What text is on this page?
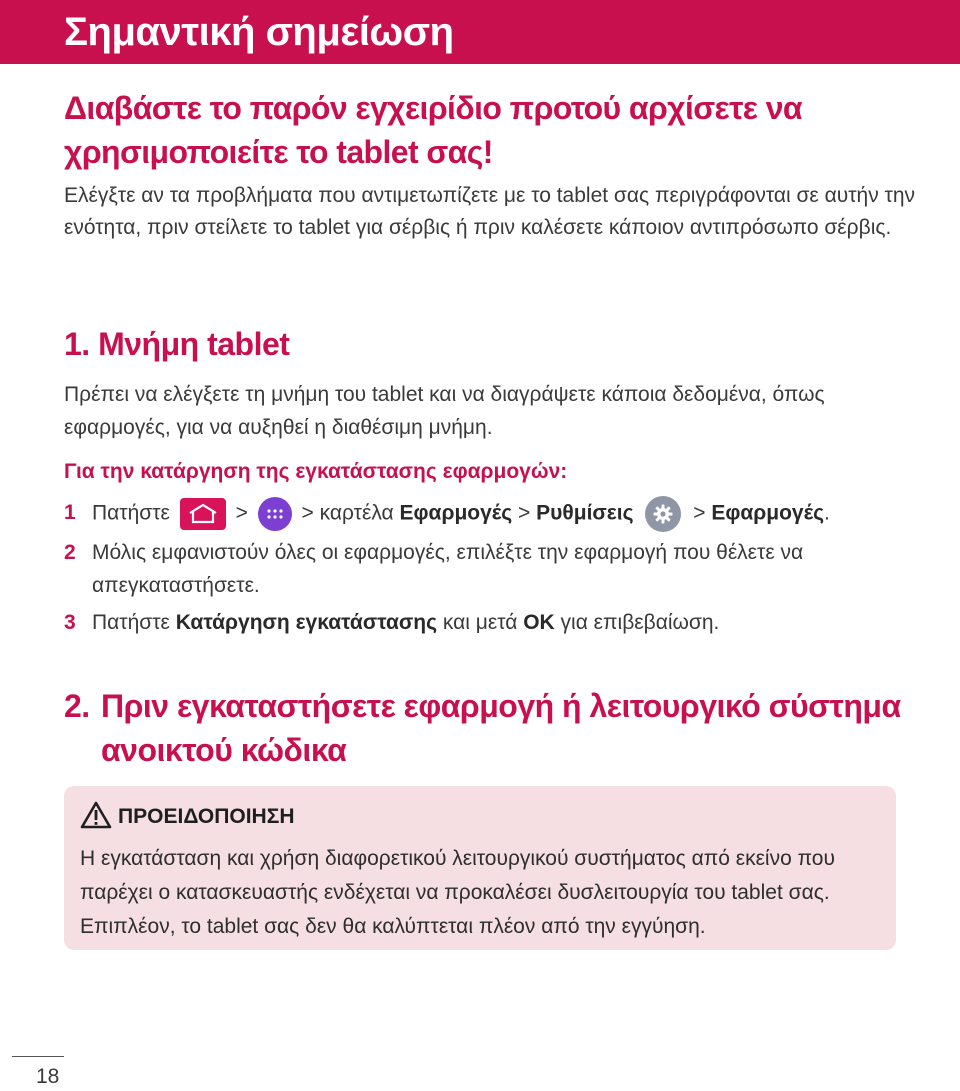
Σημαντική σημείωση
Διαβάστε το παρόν εγχειρίδιο προτού αρχίσετε να χρησιμοποιείτε το tablet σας!

Ελέγξτε αν τα προβλήματα που αντιμετωπίζετε με το tablet σας περιγράφονται σε αυτήν την ενότητα, πριν στείλετε το tablet για σέρβις ή πριν καλέσετε κάποιον αντιπρόσωπο σέρβις.

1. Μνήμη tablet

Πρέπει να ελέγξετε τη μνήμη του tablet και να διαγράψετε κάποια δεδομένα, όπως εφαρμογές, για να αυξηθεί η διαθέσιμη μνήμη.

Για την κατάργηση της εγκατάστασης εφαρμογών:
1 Πατήστε	>	> καρτέλα Εφαρμογές > Ρυθμίσεις	> Εφαρμογές.
2 Μόλις εμφανιστούν όλες οι εφαρμογές, επιλέξτε την εφαρμογή που θέλετε να απεγκαταστήσετε.
3 Πατήστε Κατάργηση εγκατάστασης και μετά OK για επιβεβαίωση.
2. Πριν εγκαταστήσετε εφαρμογή ή λειτουργικό σύστημα ανοικτού κώδικα
ΠΡΟΕΙΔΟΠΟΙΗΣΗ

Η εγκατάσταση και χρήση διαφορετικού λειτουργικού συστήματος από εκείνο που παρέχει ο κατασκευαστής ενδέχεται να προκαλέσει δυσλειτουργία του tablet σας. Επιπλέον, το tablet σας δεν θα καλύπτεται πλέον από την εγγύηση.

18
